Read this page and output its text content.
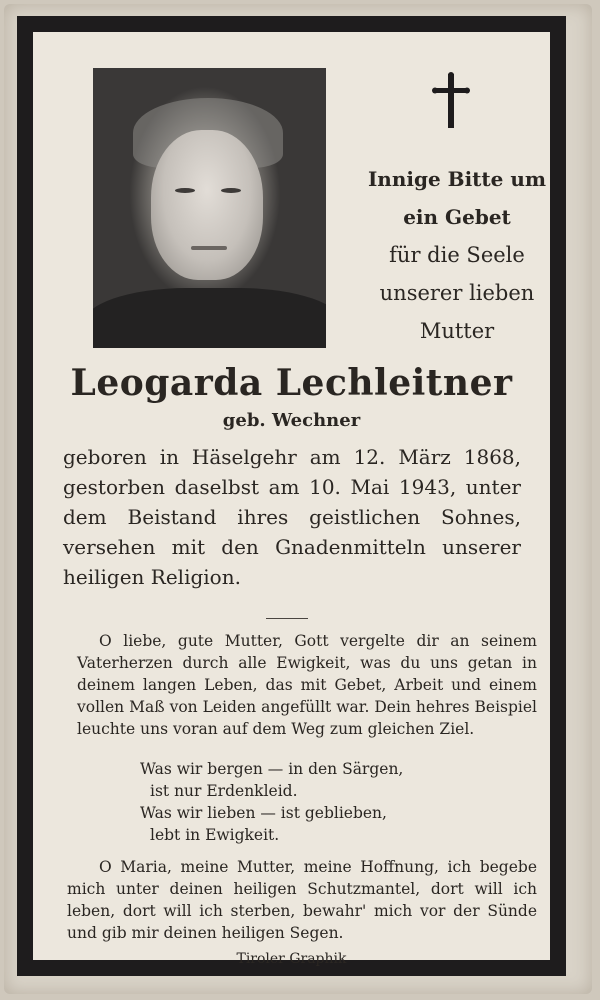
Innige Bitte um
ein Gebet
für die Seele
unserer lieben
Mutter
Leogarda Lechleitner
geb. Wechner

geboren in Häselgehr am 12. März 1868, gestorben daselbst am 10. Mai 1943, unter dem Beistand ihres geistlichen Sohnes, versehen mit den Gnadenmitteln unserer heiligen Religion.

O liebe, gute Mutter, Gott vergelte dir an seinem Vaterherzen durch alle Ewigkeit, was du uns getan in deinem langen Leben, das mit Gebet, Arbeit und einem vollen Maß von Leiden angefüllt war. Dein hehres Beispiel leuchte uns voran auf dem Weg zum gleichen Ziel.

Was wir bergen — in den Särgen,
ist nur Erdenkleid.
Was wir lieben — ist geblieben,
lebt in Ewigkeit.

O Maria, meine Mutter, meine Hoffnung, ich begebe mich unter deinen heiligen Schutzmantel, dort will ich leben, dort will ich sterben, bewahr' mich vor der Sünde und gib mir deinen heiligen Segen.

Tiroler Graphik
